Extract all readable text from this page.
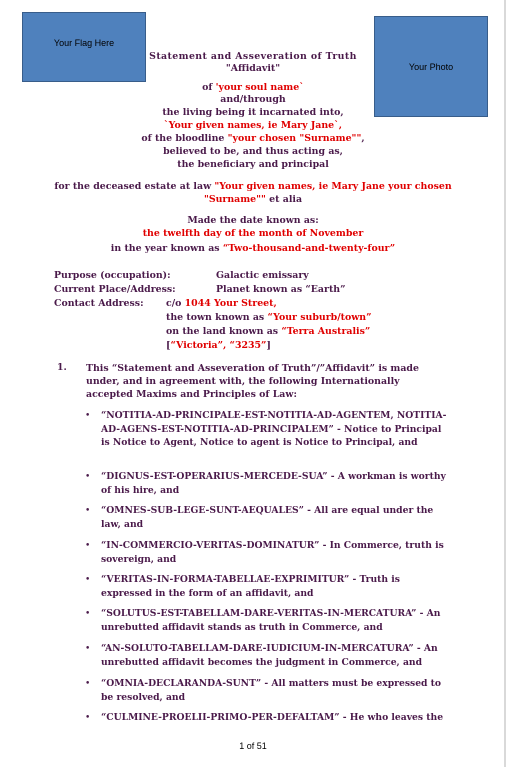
Your Flag Here
Your Photo
Statement and Asseveration of Truth
"Affidavit"
of 'your soul name`
and/through
the living being it incarnated into,
`Your given names, ie Mary Jane`,
of the bloodline "your chosen "Surname"",
believed to be, and thus acting as,
the beneficiary and principal
for the deceased estate at law "Your given names, ie Mary Jane your chosen
"Surname"" et alia
Made the date known as:
the twelfth day of the month of November
in the year known as “Two-thousand-and-twenty-four”
Purpose (occupation):	Galactic emissary
Current Place/Address:	Planet known as “Earth”
Contact Address: c/o 1044 Your Street,
the town known as “Your suburb/town”
on the land known as “Terra Australis”
[“Victoria”, “3235”]
1. This “Statement and Asseveration of Truth”/”Affidavit” is made under, and in agreement with, the following Internationally accepted Maxims and Principles of Law:
• “NOTITIA-AD-PRINCIPALE-EST-NOTITIA-AD-AGENTEM, NOTITIA-AD-AGENS-EST-NOTITIA-AD-PRINCIPALEM” - Notice to Principal is Notice to Agent, Notice to agent is Notice to Principal, and
• “DIGNUS-EST-OPERARIUS-MERCEDE-SUA” - A workman is worthy of his hire, and
• “OMNES-SUB-LEGE-SUNT-AEQUALES” - All are equal under the law, and
• “IN-COMMERCIO-VERITAS-DOMINATUR” - In Commerce, truth is sovereign, and
• “VERITAS-IN-FORMA-TABELLAE-EXPRIMITUR” - Truth is expressed in the form of an affidavit, and
• “SOLUTUS-EST-TABELLAM-DARE-VERITAS-IN-MERCATURA” - An unrebutted affidavit stands as truth in Commerce, and
• “AN-SOLUTO-TABELLAM-DARE-IUDICIUM-IN-MERCATURA” - An unrebutted affidavit becomes the judgment in Commerce, and
• “OMNIA-DECLARANDA-SUNT” - All matters must be expressed to be resolved, and
• “CULMINE-PROELII-PRIMO-PER-DEFALTAM” - He who leaves the
1 of 51
